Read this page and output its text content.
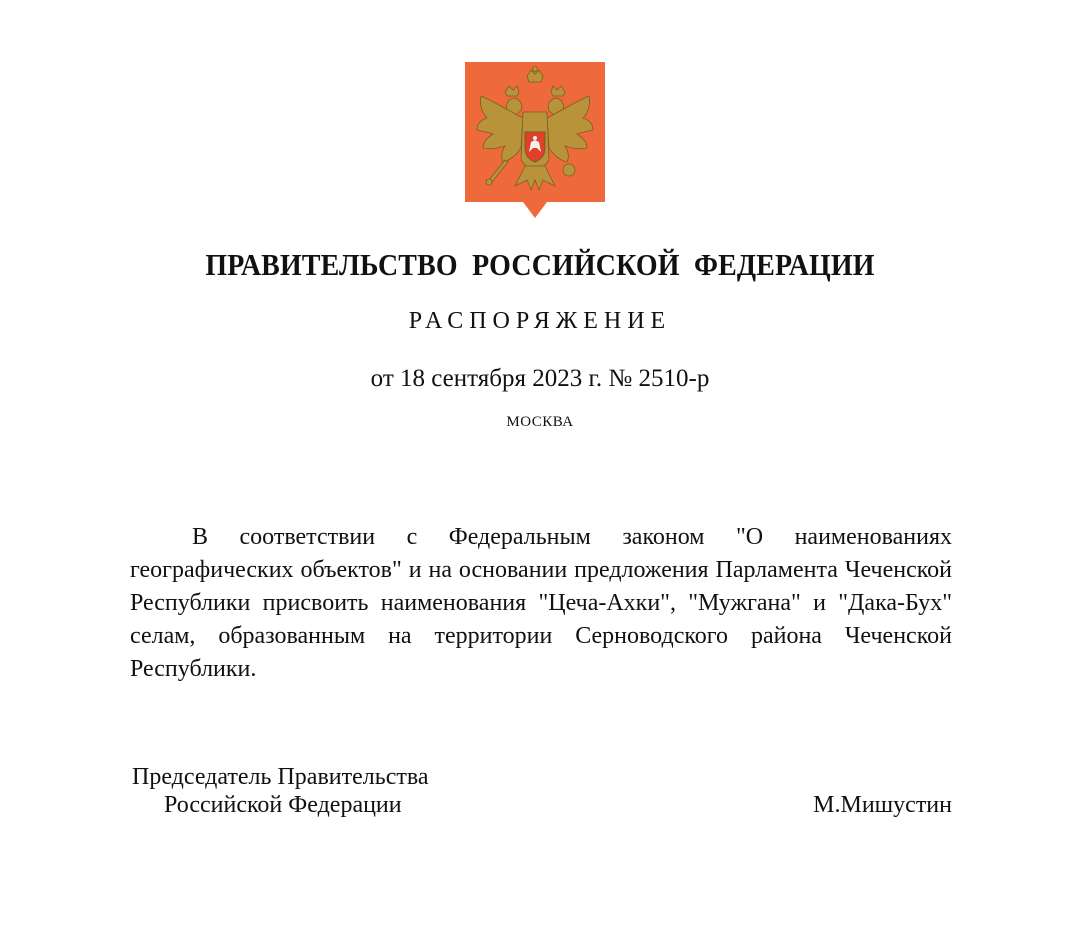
ПРАВИТЕЛЬСТВО РОССИЙСКОЙ ФЕДЕРАЦИИ
РАСПОРЯЖЕНИЕ
от 18 сентября 2023 г. № 2510-р
МОСКВА

В соответствии с Федеральным законом "О наименованиях географических объектов" и на основании предложения Парламента Чеченской Республики присвоить наименования "Цеча-Ахки", "Мужгана" и "Дака-Бух" селам, образованным на территории Серноводского района Чеченской Республики.

Председатель Правительства
Российской Федерации	М.Мишустин
